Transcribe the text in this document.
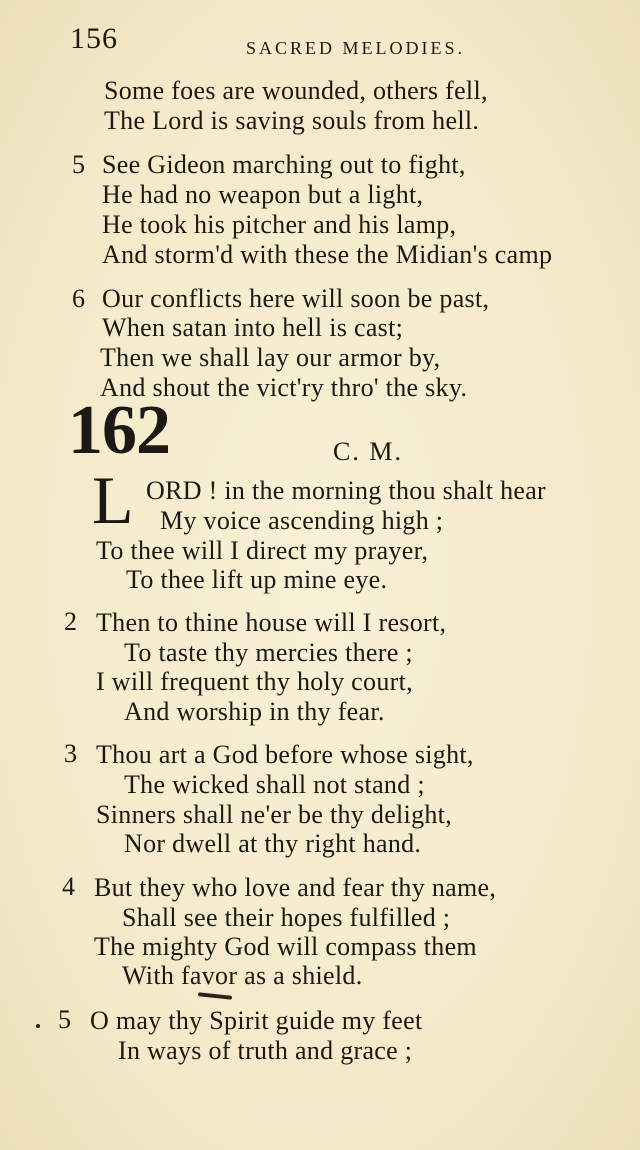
156	SACRED MELODIES.
Some foes are wounded, others fell,
The Lord is saving souls from hell.
5 See Gideon marching out to fight,
He had no weapon but a light,
He took his pitcher and his lamp,
And storm'd with these the Midian's camp
6 Our conflicts here will soon be past,
When satan into hell is cast;
Then we shall lay our armor by,
And shout the vict'ry thro' the sky.
162	C. M.
L ORD ! in the morning thou shalt hear
My voice ascending high ;
To thee will I direct my prayer,
To thee lift up mine eye.
2 Then to thine house will I resort,
To taste thy mercies there ;
I will frequent thy holy court,
And worship in thy fear.
3 Thou art a God before whose sight,
The wicked shall not stand ;
Sinners shall ne'er be thy delight,
Nor dwell at thy right hand.
4 But they who love and fear thy name,
Shall see their hopes fulfilled ;
The mighty God will compass them
With favor as a shield.
5 O may thy Spirit guide my feet
In ways of truth and grace ;
